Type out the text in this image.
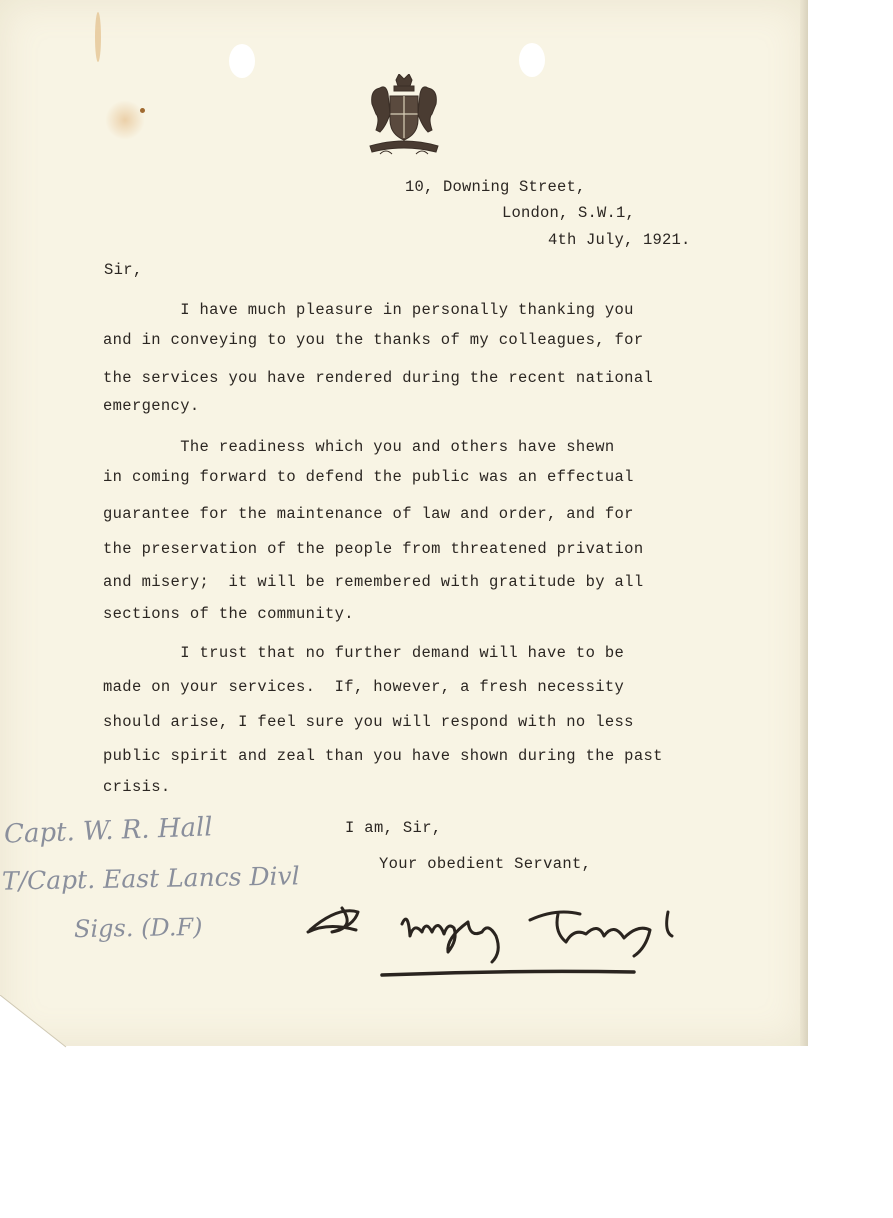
10, Downing Street,
London, S.W.1,
4th July, 1921.
Sir,
I have much pleasure in personally thanking you
and in conveying to you the thanks of my colleagues, for
the services you have rendered during the recent national
emergency.
The readiness which you and others have shewn
in coming forward to defend the public was an effectual
guarantee for the maintenance of law and order, and for
the preservation of the people from threatened privation
and misery;  it will be remembered with gratitude by all
sections of the community.
I trust that no further demand will have to be
made on your services.  If, however, a fresh necessity
should arise, I feel sure you will respond with no less
public spirit and zeal than you have shown during the past
crisis.
I am, Sir,
Your obedient Servant,
Capt. W. R. Hall
T/Capt. East Lancs Divl
Sigs. (D.F)
